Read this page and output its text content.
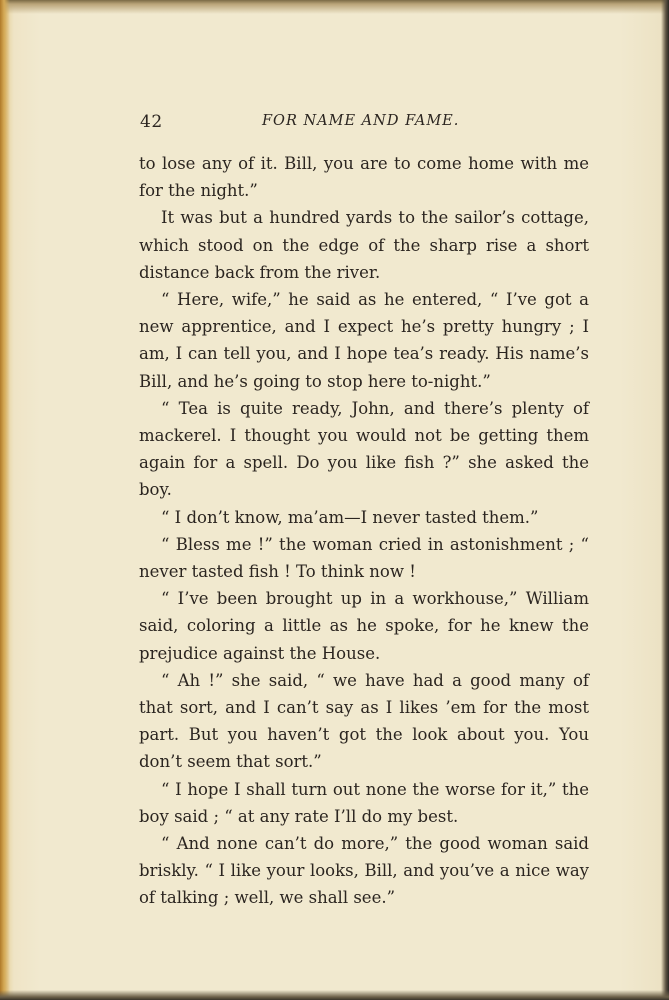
42	FOR NAME AND FAME.

to lose any of it. Bill, you are to come home with me for the night.”

It was but a hundred yards to the sailor’s cottage, which stood on the edge of the sharp rise a short distance back from the river.

“ Here, wife,” he said as he entered, “ I’ve got a new apprentice, and I expect he’s pretty hungry ; I am, I can tell you, and I hope tea’s ready. His name’s Bill, and he’s going to stop here to-night.”

“ Tea is quite ready, John, and there’s plenty of mackerel. I thought you would not be getting them again for a spell. Do you like fish ?” she asked the boy.

“ I don’t know, ma’am—I never tasted them.”

“ Bless me !” the woman cried in astonishment ; “ never tasted fish ! To think now !

“ I’ve been brought up in a workhouse,” William said, coloring a little as he spoke, for he knew the prejudice against the House.

“ Ah !” she said, “ we have had a good many of that sort, and I can’t say as I likes ’em for the most part. But you haven’t got the look about you. You don’t seem that sort.”

“ I hope I shall turn out none the worse for it,” the boy said ; “ at any rate I’ll do my best.

“ And none can’t do more,” the good woman said briskly. “ I like your looks, Bill, and you’ve a nice way of talking ; well, we shall see.”
